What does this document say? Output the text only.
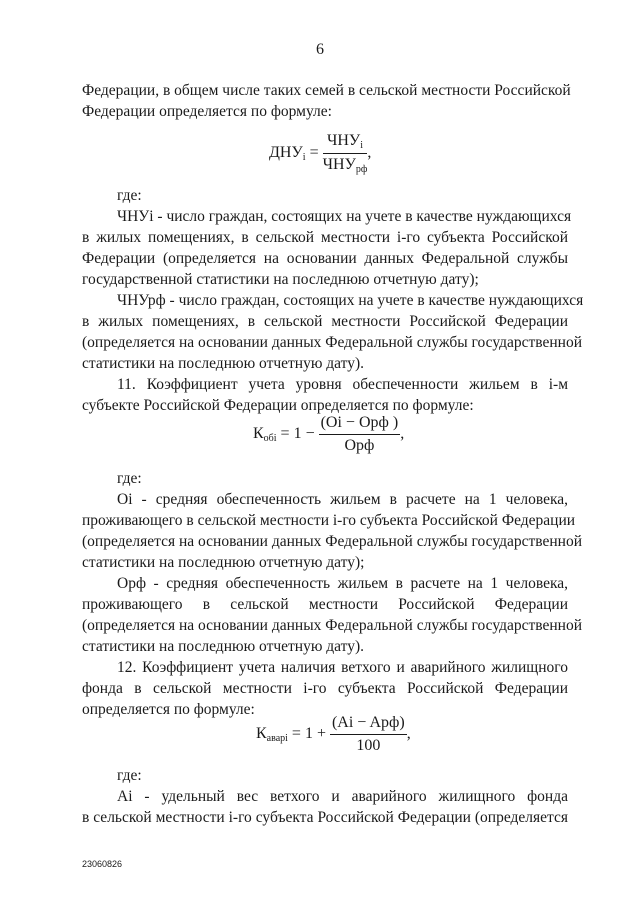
6

Федерации, в общем числе таких семей в сельской местности Российской

Федерации определяется по формуле:

$ДНУ_i = \frac{ЧНУ_i}{ЧНУ_{рф}}$ ,

где:

ЧНУi - число граждан, состоящих на учете в качестве нуждающихся

в жилых помещениях, в сельской местности i-го субъекта Российской

Федерации (определяется на основании данных Федеральной службы

государственной статистики на последнюю отчетную дату);

ЧНУрф - число граждан, состоящих на учете в качестве нуждающихся

в жилых помещениях, в сельской местности Российской Федерации

(определяется на основании данных Федеральной службы государственной

статистики на последнюю отчетную дату).

11. Коэффициент учета уровня обеспеченности жильем в i-м

субъекте Российской Федерации определяется по формуле:

$К_{обi} = 1 - \frac{\text{(Oi − Oрф )}}{\text{Oрф}}$ ,

где:

Oi - средняя обеспеченность жильем в расчете на 1 человека,

проживающего в сельской местности i-го субъекта Российской Федерации

(определяется на основании данных Федеральной службы государственной

статистики на последнюю отчетную дату);

Oрф - средняя обеспеченность жильем в расчете на 1 человека,

проживающего в сельской местности Российской Федерации

(определяется на основании данных Федеральной службы государственной

статистики на последнюю отчетную дату).

12. Коэффициент учета наличия ветхого и аварийного жилищного

фонда в сельской местности i-го субъекта Российской Федерации

определяется по формуле:

$К_{аварi} = 1 + \frac{\text{(Ai − Aрф)}}{100}$ ,

где:

Ai - удельный вес ветхого и аварийного жилищного фонда

в сельской местности i-го субъекта Российской Федерации (определяется

23060826
